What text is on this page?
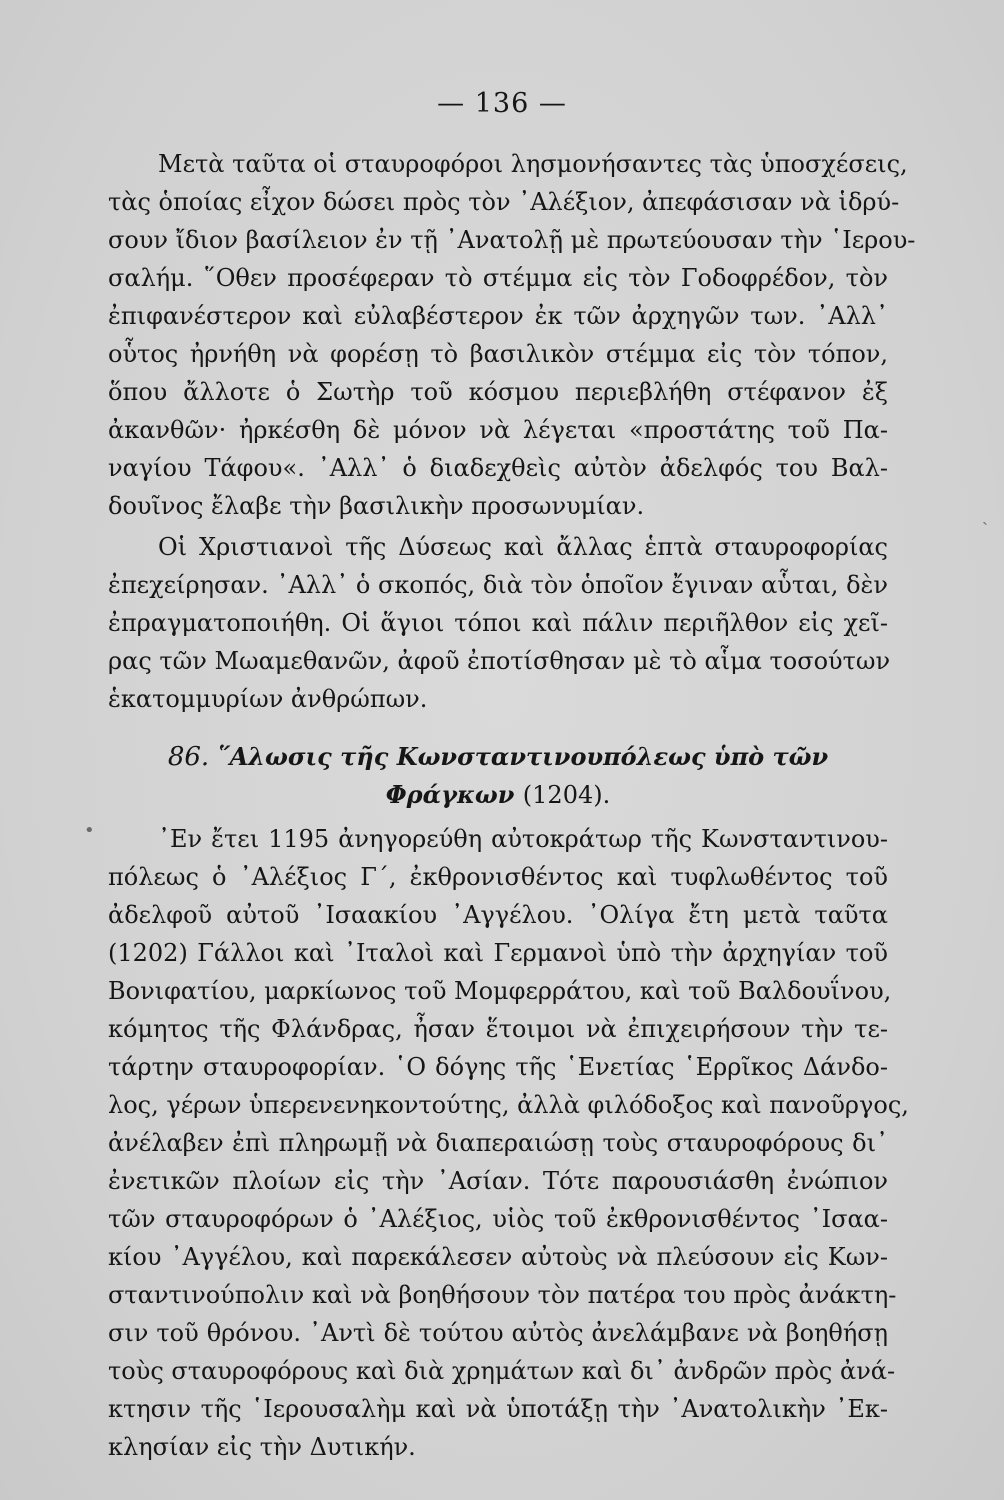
— 136 —
Μετὰ ταῦτα οἱ σταυροφόροι λησμονήσαντες τὰς ὑποσχέσεις,
τὰς ὁποίας εἶχον δώσει πρὸς τὸν ᾿Αλέξιον, ἀπεφάσισαν νὰ ἱδρύ-
σουν ἴδιον βασίλειον ἐν τῇ ᾿Ανατολῇ μὲ πρωτεύουσαν τὴν ῾Ιερου-
σαλήμ. ῞Οθεν προσέφεραν τὸ στέμμα εἰς τὸν Γοδοφρέδον, τὸν
ἐπιφανέστερον καὶ εὐλαβέστερον ἐκ τῶν ἀρχηγῶν των. ᾿Αλλ᾿
οὗτος ἠρνήθη νὰ φορέσῃ τὸ βασιλικὸν στέμμα εἰς τὸν τόπον,
ὅπου ἄλλοτε ὁ Σωτὴρ τοῦ κόσμου περιεβλήθη στέφανον ἐξ
ἀκανθῶν· ἠρκέσθη δὲ μόνον νὰ λέγεται «προστάτης τοῦ Πα-
ναγίου Τάφου«. ᾿Αλλ᾿ ὁ διαδεχθεὶς αὐτὸν ἀδελφός του Βαλ-
δουῖνος ἔλαβε τὴν βασιλικὴν προσωνυμίαν.
Οἱ Χριστιανοὶ τῆς Δύσεως καὶ ἄλλας ἑπτὰ σταυροφορίας
ἐπεχείρησαν. ᾿Αλλ᾿ ὁ σκοπός, διὰ τὸν ὁποῖον ἔγιναν αὗται, δὲν
ἐπραγματοποιήθη. Οἱ ἅγιοι τόποι καὶ πάλιν περιῆλθον εἰς χεῖ-
ρας τῶν Μωαμεθανῶν, ἀφοῦ ἐποτίσθησαν μὲ τὸ αἷμα τοσούτων
ἑκατομμυρίων ἀνθρώπων.
86. ῞Αλωσις τῆς Κωνσταντινουπόλεως ὑπὸ τῶν
Φράγκων (1204).
᾿Εν ἔτει 1195 ἀνηγορεύθη αὐτοκράτωρ τῆς Κωνσταντινου-
πόλεως ὁ ᾿Αλέξιος Γ΄, ἐκθρονισθέντος καὶ τυφλωθέντος τοῦ
ἀδελφοῦ αὐτοῦ ᾿Ισαακίου ᾿Αγγέλου. ᾿Ολίγα ἔτη μετὰ ταῦτα
(1202) Γάλλοι καὶ ᾿Ιταλοὶ καὶ Γερμανοὶ ὑπὸ τὴν ἀρχηγίαν τοῦ
Βονιφατίου, μαρκίωνος τοῦ Μομφερράτου, καὶ τοῦ Βαλδουΐνου,
κόμητος τῆς Φλάνδρας, ἦσαν ἕτοιμοι νὰ ἐπιχειρήσουν τὴν τε-
τάρτην σταυροφορίαν. ῾Ο δόγης τῆς ῾Ενετίας ῾Ερρῖκος Δάνδο-
λος, γέρων ὑπερενενηκοντούτης, ἀλλὰ φιλόδοξος καὶ πανοῦργος,
ἀνέλαβεν ἐπὶ πληρωμῇ νὰ διαπεραιώσῃ τοὺς σταυροφόρους δι᾿
ἐνετικῶν πλοίων εἰς τὴν ᾿Ασίαν. Τότε παρουσιάσθη ἐνώπιον
τῶν σταυροφόρων ὁ ᾿Αλέξιος, υἱὸς τοῦ ἐκθρονισθέντος ᾿Ισαα-
κίου ᾿Αγγέλου, καὶ παρεκάλεσεν αὐτοὺς νὰ πλεύσουν εἰς Κων-
σταντινούπολιν καὶ νὰ βοηθήσουν τὸν πατέρα του πρὸς ἀνάκτη-
σιν τοῦ θρόνου. ᾿Αντὶ δὲ τούτου αὐτὸς ἀνελάμβανε νὰ βοηθήσῃ
τοὺς σταυροφόρους καὶ διὰ χρημάτων καὶ δι᾿ ἀνδρῶν πρὸς ἀνά-
κτησιν τῆς ῾Ιερουσαλὴμ καὶ νὰ ὑποτάξῃ τὴν ᾿Ανατολικὴν ᾿Εκ-
κλησίαν εἰς τὴν Δυτικήν.
•
ˎ
